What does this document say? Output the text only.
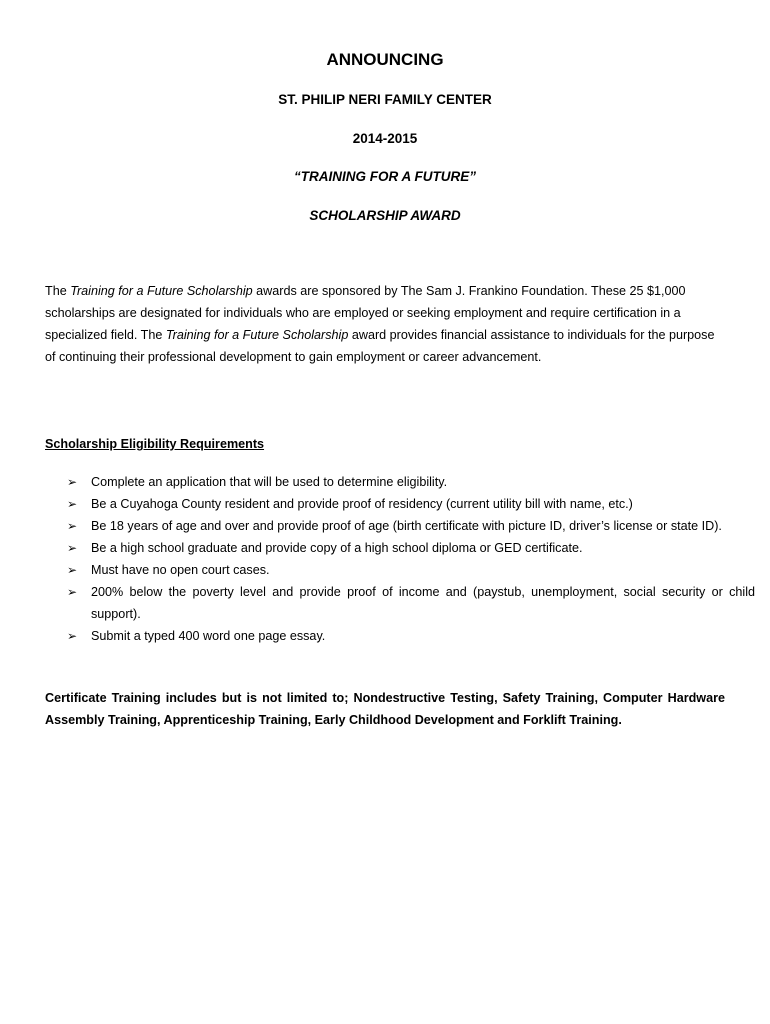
ANNOUNCING
ST. PHILIP NERI FAMILY CENTER
2014-2015
“TRAINING FOR A FUTURE”
SCHOLARSHIP AWARD

The Training for a Future Scholarship awards are sponsored by The Sam J. Frankino Foundation. These 25 $1,000 scholarships are designated for individuals who are employed or seeking employment and require certification in a specialized field. The Training for a Future Scholarship award provides financial assistance to individuals for the purpose of continuing their professional development to gain employment or career advancement.

Scholarship Eligibility Requirements
➢ Complete an application that will be used to determine eligibility.
➢ Be a Cuyahoga County resident and provide proof of residency (current utility bill with name, etc.)
➢ Be 18 years of age and over and provide proof of age (birth certificate with picture ID, driver’s license or state ID).
➢ Be a high school graduate and provide copy of a high school diploma or GED certificate.
➢ Must have no open court cases.
➢ 200% below the poverty level and provide proof of income and (paystub, unemployment, social security or child support).
➢ Submit a typed 400 word one page essay.

Certificate Training includes but is not limited to; Nondestructive Testing, Safety Training, Computer Hardware Assembly Training, Apprenticeship Training, Early Childhood Development and Forklift Training.
